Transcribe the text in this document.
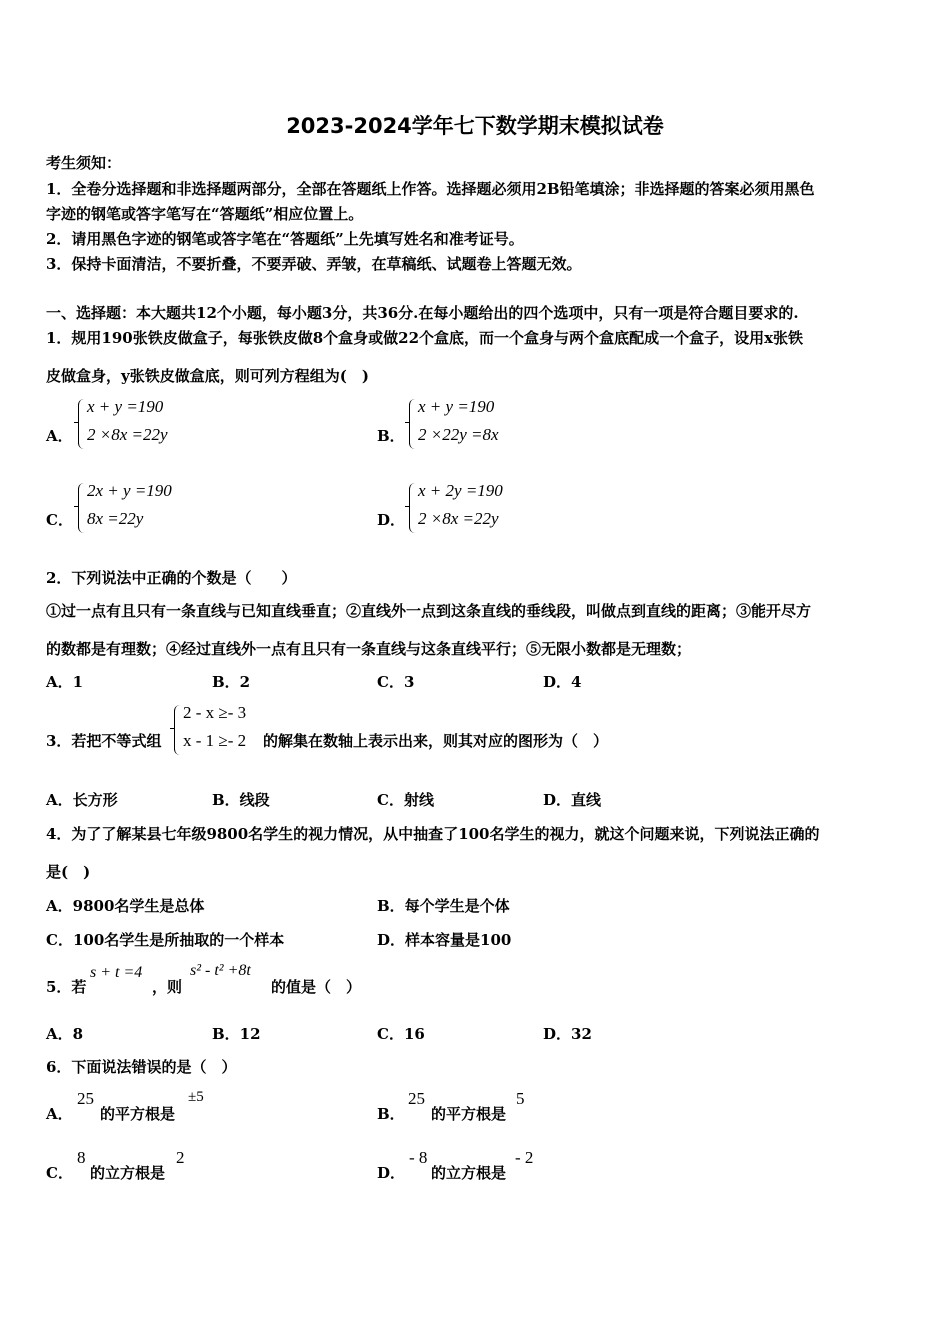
2023-2024学年七下数学期末模拟试卷
考生须知：
1．全卷分选择题和非选择题两部分，全部在答题纸上作答。选择题必须用2B铅笔填涂；非选择题的答案必须用黑色
字迹的钢笔或答字笔写在“答题纸”相应位置上。
2．请用黑色字迹的钢笔或答字笔在“答题纸”上先填写姓名和准考证号。
3．保持卡面清洁，不要折叠，不要弄破、弄皱，在草稿纸、试题卷上答题无效。
一、选择题：本大题共12个小题，每小题3分，共36分.在每小题给出的四个选项中，只有一项是符合题目要求的.
1．规用190张铁皮做盒子，每张铁皮做8个盒身或做22个盒底，而一个盒身与两个盒底配成一个盒子，设用x张铁
皮做盒身，y张铁皮做盒底，则可列方程组为(　)
A．
x + y =190
2 ×8x =22y	B．
x + y =190
2 ×22y =8x
C．
2x + y =190
8x =22y	D．
x + 2y =190
2 ×8x =22y
2．下列说法中正确的个数是（　　）
①过一点有且只有一条直线与已知直线垂直；②直线外一点到这条直线的垂线段，叫做点到直线的距离；③能开尽方
的数都是有理数；④经过直线外一点有且只有一条直线与这条直线平行；⑤无限小数都是无理数；
A．1	B．2	C．3	D．4
3．若把不等式组
2 - x ≥- 3
x - 1 ≥- 2 的解集在数轴上表示出来，则其对应的图形为（　）
A．长方形	B．线段	C．射线	D．直线
4．为了了解某县七年级9800名学生的视力情况，从中抽查了100名学生的视力，就这个问题来说，下列说法正确的
是(　)
A．9800名学生是总体	B．每个学生是个体
C．100名学生是所抽取的一个样本	D．样本容量是100
5．若
s + t =4
，则
s² - t² +8t
的值是（　）
A．8	B．12	C．16	D．32
6．下面说法错误的是（　）
A．
25
的平方根是
±5
B．
25
的平方根是
5
C．
8
的立方根是
2
D．
- 8
的立方根是
- 2
